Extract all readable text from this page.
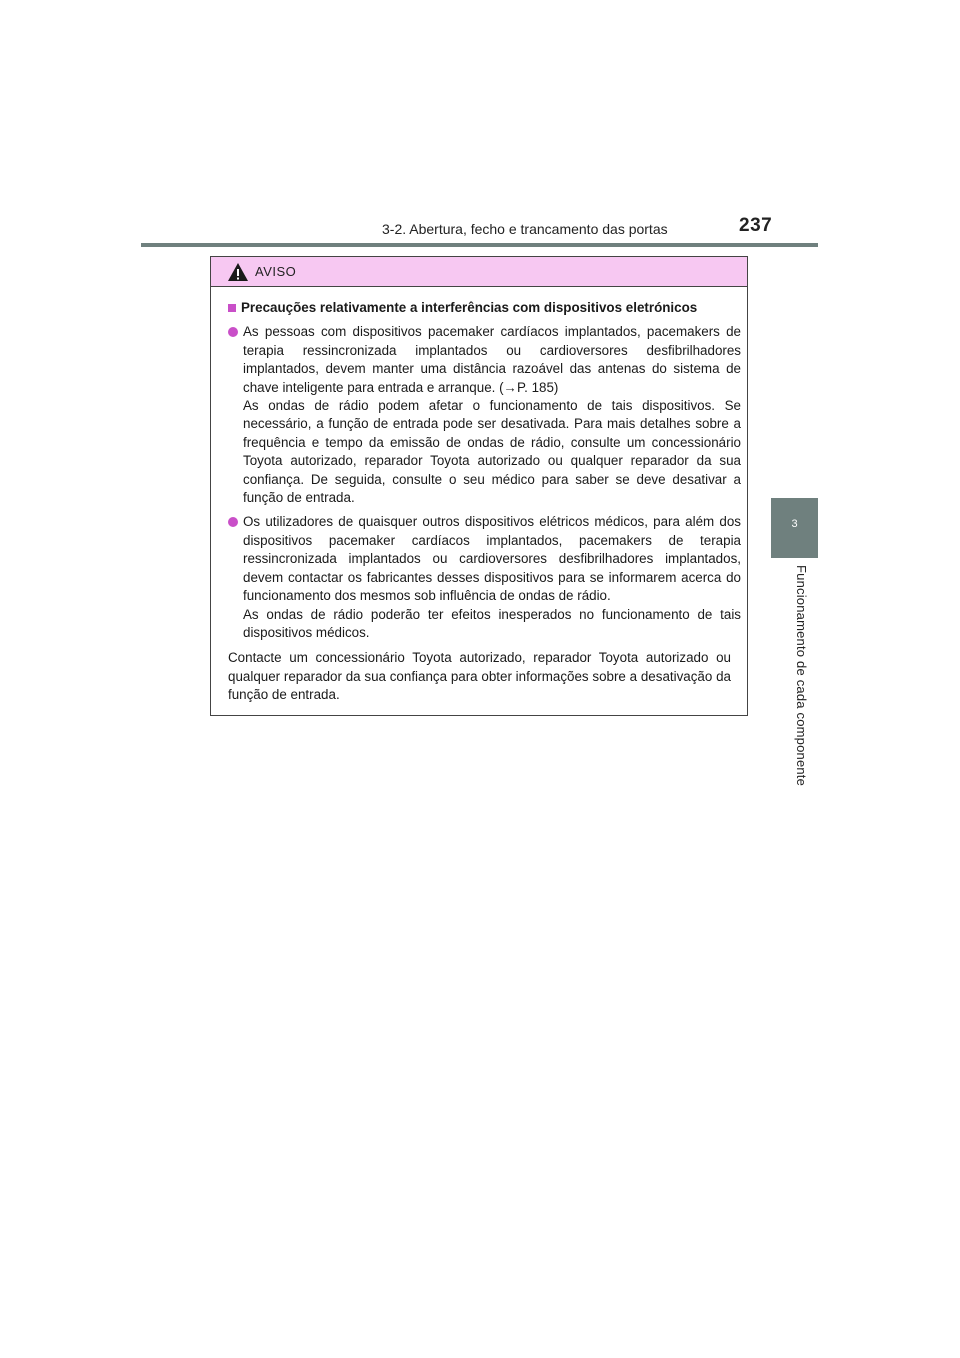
3-2. Abertura, fecho e trancamento das portas	237
3
Funcionamento de cada componente
AVISO
Precauções relativamente a interferências com dispositivos eletrónicos

As pessoas com dispositivos pacemaker cardíacos implantados, pacemakers de terapia ressincronizada implantados ou cardioversores desfibrilhadores implantados, devem manter uma distância razoável das antenas do sistema de chave inteligente para entrada e arranque. (→P. 185)

As ondas de rádio podem afetar o funcionamento de tais dispositivos. Se necessário, a função de entrada pode ser desativada. Para mais detalhes sobre a frequência e tempo da emissão de ondas de rádio, consulte um concessionário Toyota autorizado, reparador Toyota autorizado ou qualquer reparador da sua confiança. De seguida, consulte o seu médico para saber se deve desativar a função de entrada.

Os utilizadores de quaisquer outros dispositivos elétricos médicos, para além dos dispositivos pacemaker cardíacos implantados, pacemakers de terapia ressincronizada implantados ou cardioversores desfibrilhadores implantados, devem contactar os fabricantes desses dispositivos para se informarem acerca do funcionamento dos mesmos sob influência de ondas de rádio.

As ondas de rádio poderão ter efeitos inesperados no funcionamento de tais dispositivos médicos.

Contacte um concessionário Toyota autorizado, reparador Toyota autorizado ou qualquer reparador da sua confiança para obter informações sobre a desativação da função de entrada.
